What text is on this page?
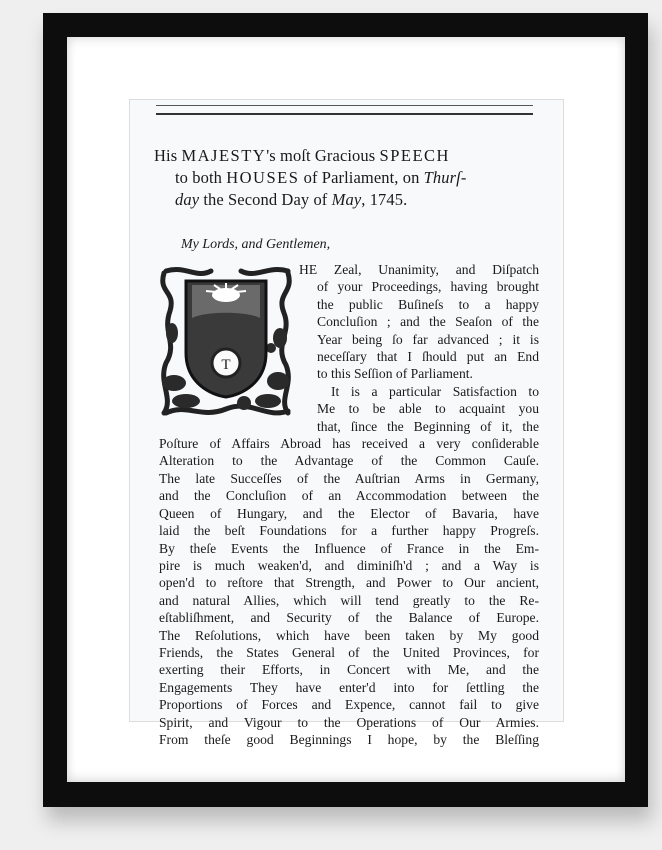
His MAJESTY's moſt Gracious SPEECH
to both HOUSES of Parliament, on Thurſ-
day the Second Day of May, 1745.
My Lords, and Gentlemen,
T
HE Zeal, Unanimity, and Diſpatch
of your Proceedings, having brought
the public Buſineſs to a happy
Concluſion ; and the Seaſon of the
Year being ſo far advanced ; it is
neceſſary that I ſhould put an End
to this Seſſion of Parliament.
It is a particular Satisfaction to
Me to be able to acquaint you
that, ſince the Beginning of it, the
Poſture of Affairs Abroad has received a very conſiderable
Alteration to the Advantage of the Common Cauſe.
The late Succeſſes of the Auſtrian Arms in Germany,
and the Concluſion of an Accommodation between the
Queen of Hungary, and the Elector of Bavaria, have
laid the beſt Foundations for a further happy Progreſs.
By theſe Events the Influence of France in the Em-
pire is much weaken'd, and diminiſh'd ; and a Way is
open'd to reſtore that Strength, and Power to Our ancient,
and natural Allies, which will tend greatly to the Re-
eſtabliſhment, and Security of the Balance of Europe.
The Reſolutions, which have been taken by My good
Friends, the States General of the United Provinces, for
exerting their Efforts, in Concert with Me, and the
Engagements They have enter'd into for ſettling the
Proportions of Forces and Expence, cannot fail to give
Spirit, and Vigour to the Operations of Our Armies.
From theſe good Beginnings I hope, by the Bleſſing
